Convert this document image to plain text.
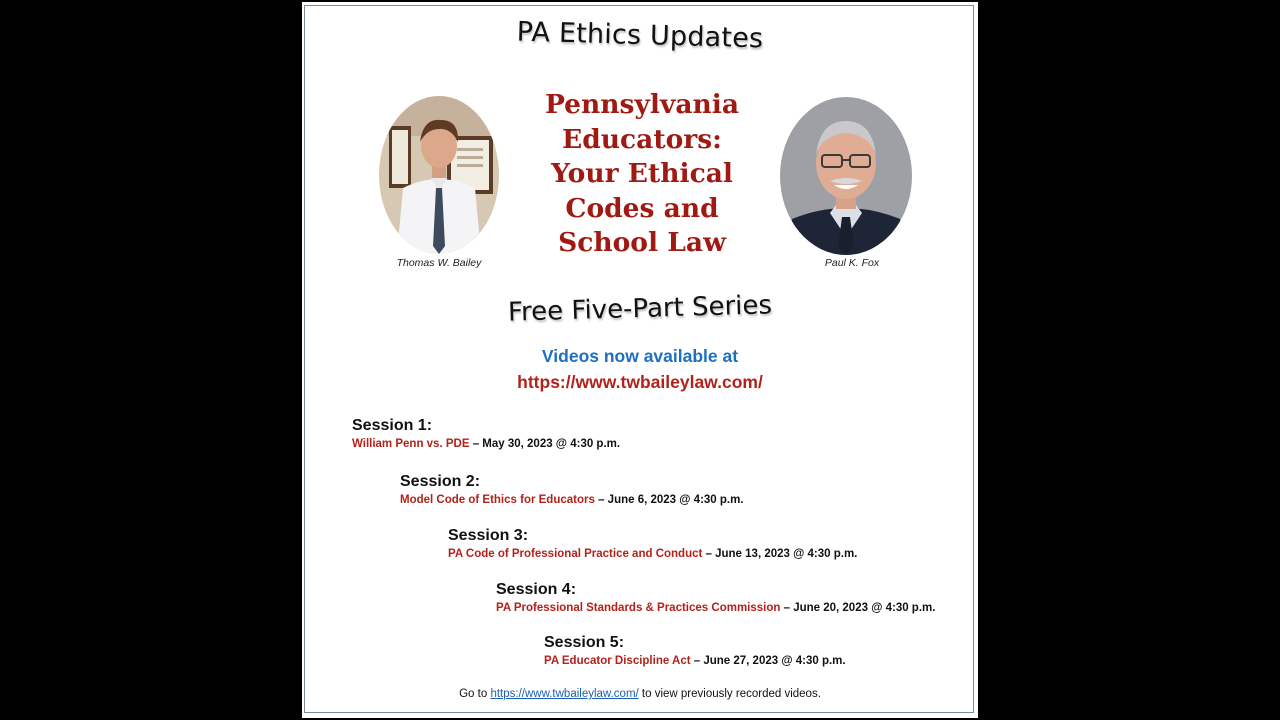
PA Ethics Updates
Pennsylvania
Educators:
Your Ethical
Codes and
School Law
Thomas W. Bailey	Paul K. Fox
Free Five-Part Series
Videos now available at
https://www.twbaileylaw.com/
Session 1:
William Penn vs. PDE – May 30, 2023 @ 4:30 p.m.
Session 2:
Model Code of Ethics for Educators – June 6, 2023 @ 4:30 p.m.
Session 3:
PA Code of Professional Practice and Conduct – June 13, 2023 @ 4:30 p.m.
Session 4:
PA Professional Standards & Practices Commission – June 20, 2023 @ 4:30 p.m.
Session 5:
PA Educator Discipline Act – June 27, 2023 @ 4:30 p.m.
Go to https://www.twbaileylaw.com/ to view previously recorded videos.
